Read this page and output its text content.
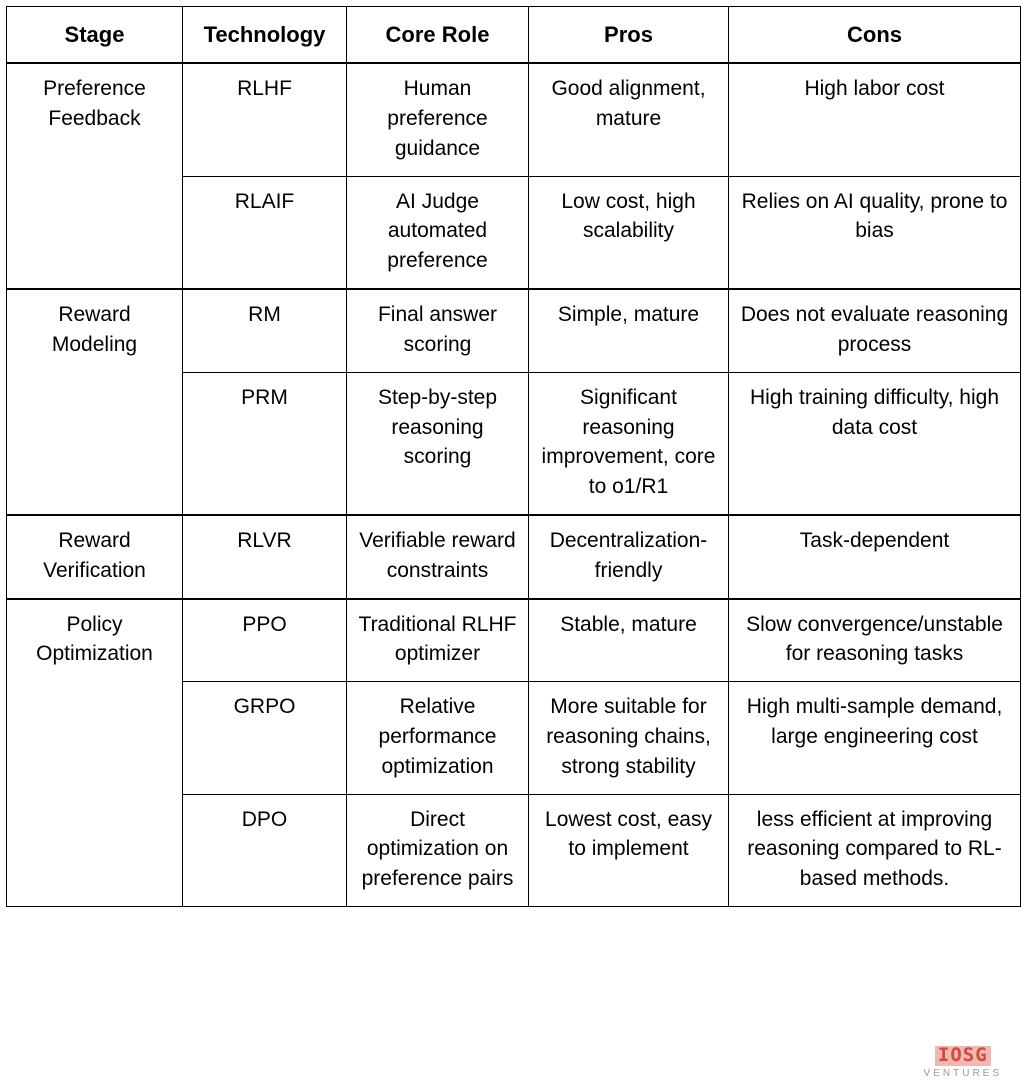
Stage	Technology	Core Role	Pros	Cons
Preference Feedback	RLHF	Human preference guidance	Good alignment, mature	High labor cost
	RLAIF	AI Judge automated preference	Low cost, high scalability	Relies on AI quality, prone to bias
Reward Modeling	RM	Final answer scoring	Simple, mature	Does not evaluate reasoning process
	PRM	Step-by-step reasoning scoring	Significant reasoning improvement, core to o1/R1	High training difficulty, high data cost
Reward Verification	RLVR	Verifiable reward constraints	Decentralization-friendly	Task-dependent
Policy Optimization	PPO	Traditional RLHF optimizer	Stable, mature	Slow convergence/unstable for reasoning tasks
	GRPO	Relative performance optimization	More suitable for reasoning chains, strong stability	High multi-sample demand, large engineering cost
	DPO	Direct optimization on preference pairs	Lowest cost, easy to implement	less efficient at improving reasoning compared to RL-based methods.
IOSG
VENTURES
